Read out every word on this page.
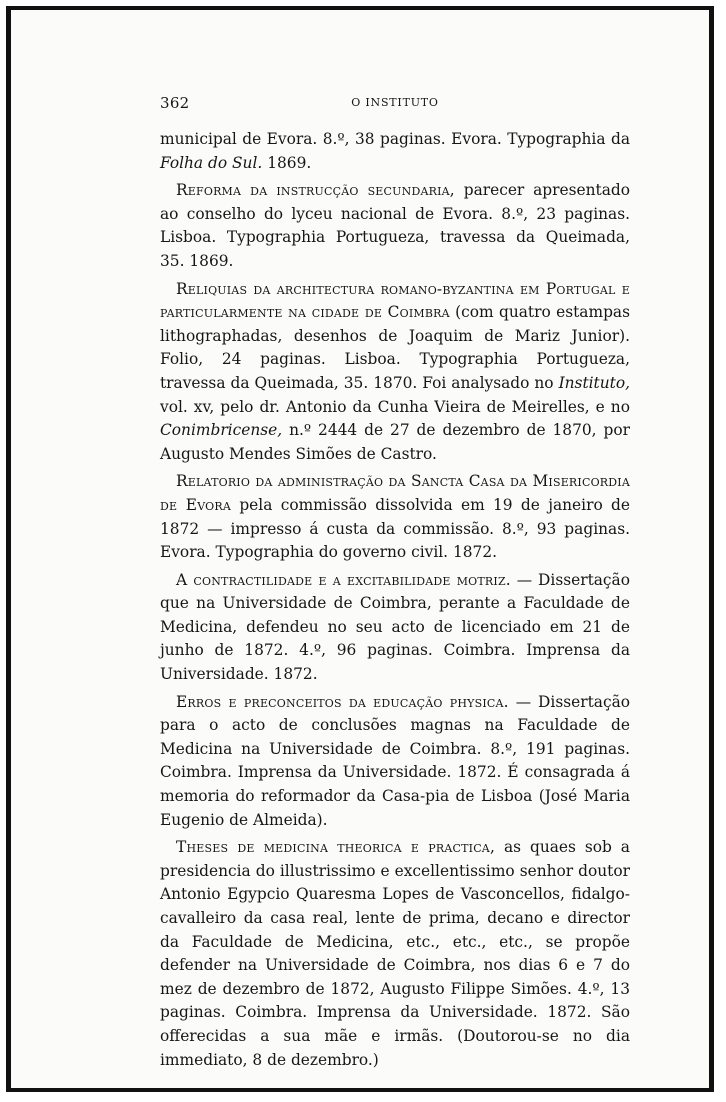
362	O INSTITUTO

municipal de Evora. 8.º, 38 paginas. Evora. Typographia da Folha do Sul. 1869.

Reforma da instrucção secundaria, parecer apresentado ao conselho do lyceu nacional de Evora. 8.º, 23 paginas. Lisboa. Typographia Portugueza, travessa da Queimada, 35. 1869.

Reliquias da architectura romano-byzantina em Portugal e particularmente na cidade de Coimbra (com quatro estampas lithographadas, desenhos de Joaquim de Mariz Junior). Folio, 24 paginas. Lisboa. Typographia Portugueza, travessa da Queimada, 35. 1870. Foi analysado no Instituto, vol. xv, pelo dr. Antonio da Cunha Vieira de Meirelles, e no Conimbricense, n.º 2444 de 27 de dezembro de 1870, por Augusto Mendes Simões de Castro.

Relatorio da administração da Sancta Casa da Misericordia de Evora pela commissão dissolvida em 19 de janeiro de 1872 — impresso á custa da commissão. 8.º, 93 paginas. Evora. Typographia do governo civil. 1872.

A contractilidade e a excitabilidade motriz. — Dissertação que na Universidade de Coimbra, perante a Faculdade de Medicina, defendeu no seu acto de licenciado em 21 de junho de 1872. 4.º, 96 paginas. Coimbra. Imprensa da Universidade. 1872.

Erros e preconceitos da educação physica. — Dissertação para o acto de conclusões magnas na Faculdade de Medicina na Universidade de Coimbra. 8.º, 191 paginas. Coimbra. Imprensa da Universidade. 1872. É consagrada á memoria do reformador da Casa-pia de Lisboa (José Maria Eugenio de Almeida).

Theses de medicina theorica e practica, as quaes sob a presidencia do illustrissimo e excellentissimo senhor doutor Antonio Egypcio Quaresma Lopes de Vasconcellos, fidalgo-cavalleiro da casa real, lente de prima, decano e director da Faculdade de Medicina, etc., etc., etc., se propõe defender na Universidade de Coimbra, nos dias 6 e 7 do mez de dezembro de 1872, Augusto Filippe Simões. 4.º, 13 paginas. Coimbra. Imprensa da Universidade. 1872. São offerecidas a sua mãe e irmãs. (Doutorou-se no dia immediato, 8 de dezembro.)
